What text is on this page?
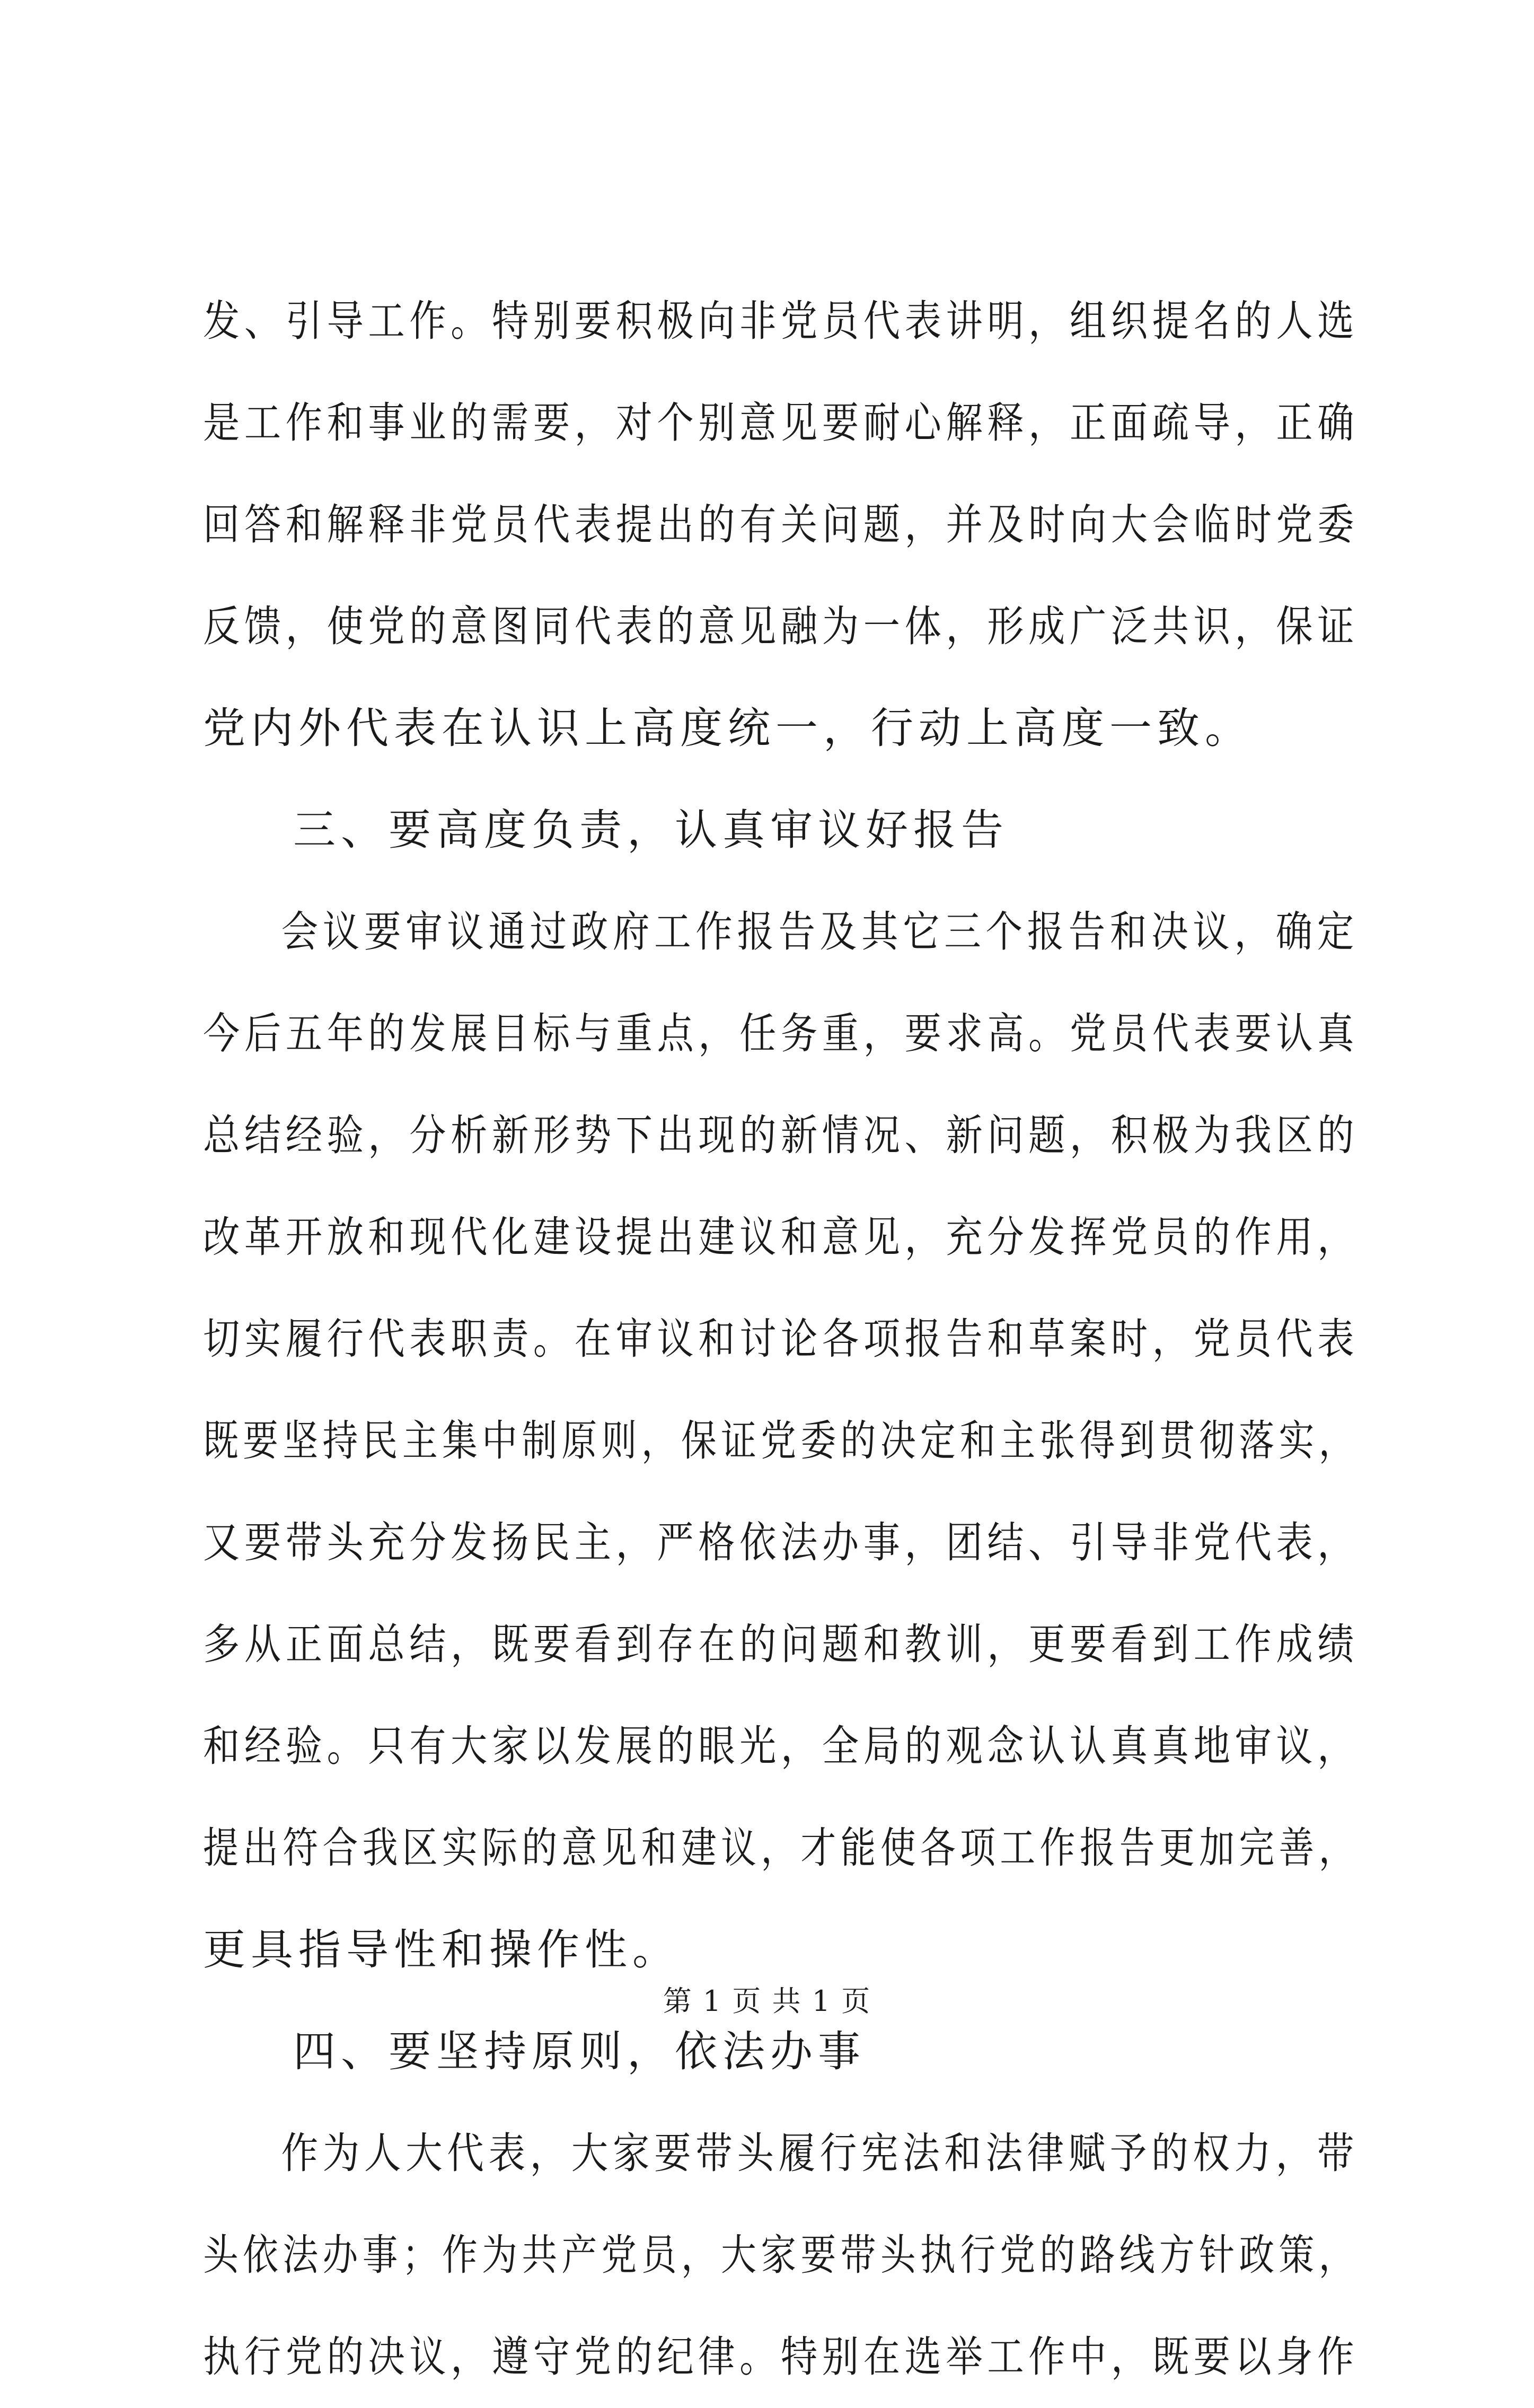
发、引导工作。特别要积极向非党员代表讲明，组织提名的人选
是工作和事业的需要，对个别意见要耐心解释，正面疏导，正确
回答和解释非党员代表提出的有关问题，并及时向大会临时党委
反馈，使党的意图同代表的意见融为一体，形成广泛共识，保证
党内外代表在认识上高度统一，行动上高度一致。
三、要高度负责，认真审议好报告
会议要审议通过政府工作报告及其它三个报告和决议，确定
今后五年的发展目标与重点，任务重，要求高。党员代表要认真
总结经验，分析新形势下出现的新情况、新问题，积极为我区的
改革开放和现代化建设提出建议和意见，充分发挥党员的作用，
切实履行代表职责。在审议和讨论各项报告和草案时，党员代表
既要坚持民主集中制原则，保证党委的决定和主张得到贯彻落实，
又要带头充分发扬民主，严格依法办事，团结、引导非党代表，
多从正面总结，既要看到存在的问题和教训，更要看到工作成绩
和经验。只有大家以发展的眼光，全局的观念认认真真地审议，
提出符合我区实际的意见和建议，才能使各项工作报告更加完善，
更具指导性和操作性。
四、要坚持原则，依法办事
作为人大代表，大家要带头履行宪法和法律赋予的权力，带
头依法办事；作为共产党员，大家要带头执行党的路线方针政策，
执行党的决议，遵守党的纪律。特别在选举工作中，既要以身作
第 1 页 共 1 页
